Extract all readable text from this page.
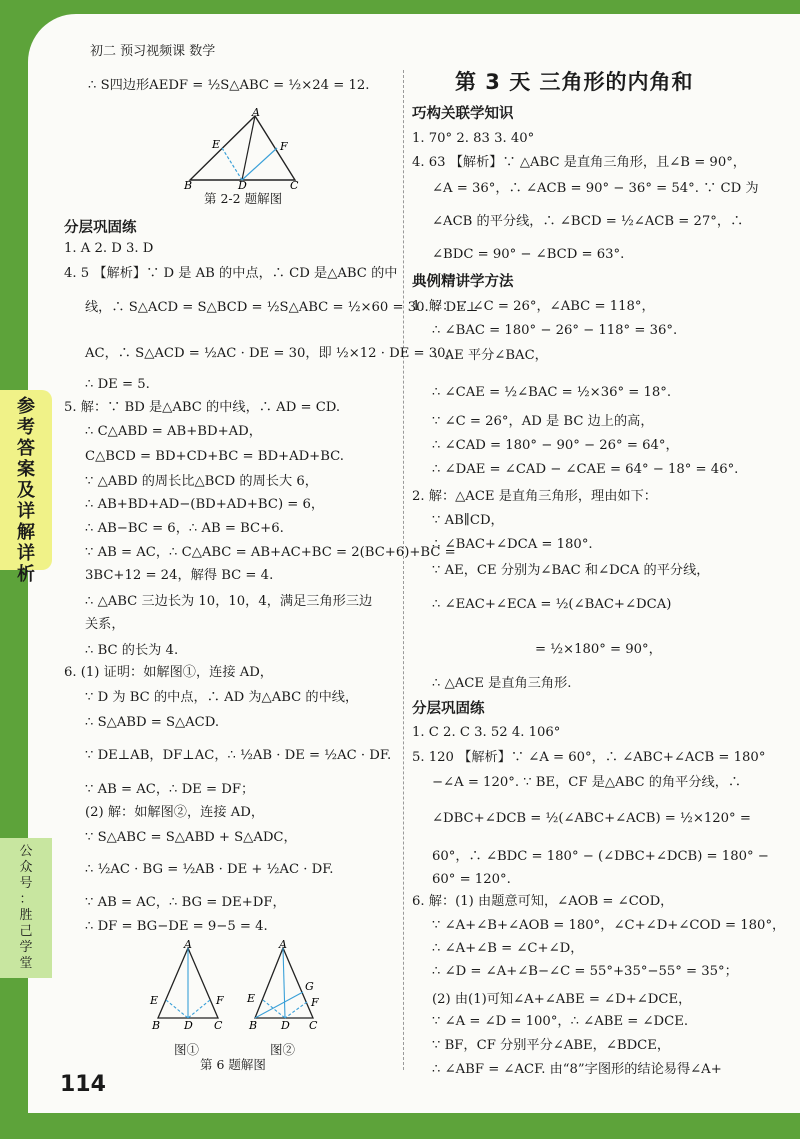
初二 预习视频课 数学
参
考
答
案
及
详
解
详
析
公
众
号
：
胜
己
学
堂
第 3 天 三角形的内角和
114
∴ S四边形AEDF = ½S△ABC = ½×24 = 12.
分层巩固练
1. A 2. D 3. D
4. 5 【解析】∵ D 是 AB 的中点，∴ CD 是△ABC 的中
线，∴ S△ACD = S△BCD = ½S△ABC = ½×60 = 30. ∵ DE⊥
AC，∴ S△ACD = ½AC · DE = 30，即 ½×12 · DE = 30，
∴ DE = 5.
5. 解：∵ BD 是△ABC 的中线，∴ AD = CD.
∴ C△ABD = AB+BD+AD，
C△BCD = BD+CD+BC = BD+AD+BC.
∵ △ABD 的周长比△BCD 的周长大 6，
∴ AB+BD+AD−(BD+AD+BC) = 6，
∴ AB−BC = 6，∴ AB = BC+6.
∵ AB = AC，∴ C△ABC = AB+AC+BC = 2(BC+6)+BC =
3BC+12 = 24，解得 BC = 4.
∴ △ABC 三边长为 10，10，4，满足三角形三边
关系，
∴ BC 的长为 4.
6. (1) 证明：如解图①，连接 AD，
∵ D 为 BC 的中点，∴ AD 为△ABC 的中线，
∴ S△ABD = S△ACD.
∵ DE⊥AB，DF⊥AC，∴ ½AB · DE = ½AC · DF.
∵ AB = AC，∴ DE = DF；
(2) 解：如解图②，连接 AD，
∵ S△ABC = S△ABD + S△ADC，
∴ ½AC · BG = ½AB · DE + ½AC · DF.
∵ AB = AC，∴ BG = DE+DF，
∴ DF = BG−DE = 9−5 = 4.
巧构关联学知识
1. 70° 2. 83 3. 40°
4. 63 【解析】∵ △ABC 是直角三角形，且∠B = 90°，
∠A = 36°，∴ ∠ACB = 90° − 36° = 54°. ∵ CD 为
∠ACB 的平分线，∴ ∠BCD = ½∠ACB = 27°，∴
∠BDC = 90° − ∠BCD = 63°.
典例精讲学方法
1. 解：∵ ∠C = 26°，∠ABC = 118°，
∴ ∠BAC = 180° − 26° − 118° = 36°.
∵ AE 平分∠BAC，
∴ ∠CAE = ½∠BAC = ½×36° = 18°.
∵ ∠C = 26°，AD 是 BC 边上的高，
∴ ∠CAD = 180° − 90° − 26° = 64°，
∴ ∠DAE = ∠CAD − ∠CAE = 64° − 18° = 46°.
2. 解：△ACE 是直角三角形，理由如下：
∵ AB∥CD，
∴ ∠BAC+∠DCA = 180°.
∵ AE，CE 分别为∠BAC 和∠DCA 的平分线，
∴ ∠EAC+∠ECA = ½(∠BAC+∠DCA)
= ½×180° = 90°，
∴ △ACE 是直角三角形.
分层巩固练
1. C 2. C 3. 52 4. 106°
5. 120 【解析】∵ ∠A = 60°，∴ ∠ABC+∠ACB = 180°
−∠A = 120°. ∵ BE，CF 是△ABC 的角平分线，∴
∠DBC+∠DCB = ½(∠ABC+∠ACB) = ½×120° =
60°，∴ ∠BDC = 180° − (∠DBC+∠DCB) = 180° −
60° = 120°.
6. 解：(1) 由题意可知，∠AOB = ∠COD，
∵ ∠A+∠B+∠AOB = 180°，∠C+∠D+∠COD = 180°，
∴ ∠A+∠B = ∠C+∠D，
∴ ∠D = ∠A+∠B−∠C = 55°+35°−55° = 35°；
(2) 由(1)可知∠A+∠ABE = ∠D+∠DCE，
∵ ∠A = ∠D = 100°，∴ ∠ABE = ∠DCE.
∵ BF，CF 分别平分∠ABE，∠BDCE，
∴ ∠ABF = ∠ACF. 由“8”字图形的结论易得∠A+
A
E	F
B	D	C
第 2-2 题解图
A
E	F
B D C
A
E
G
F
B D C
图①	图②
第 6 题解图
